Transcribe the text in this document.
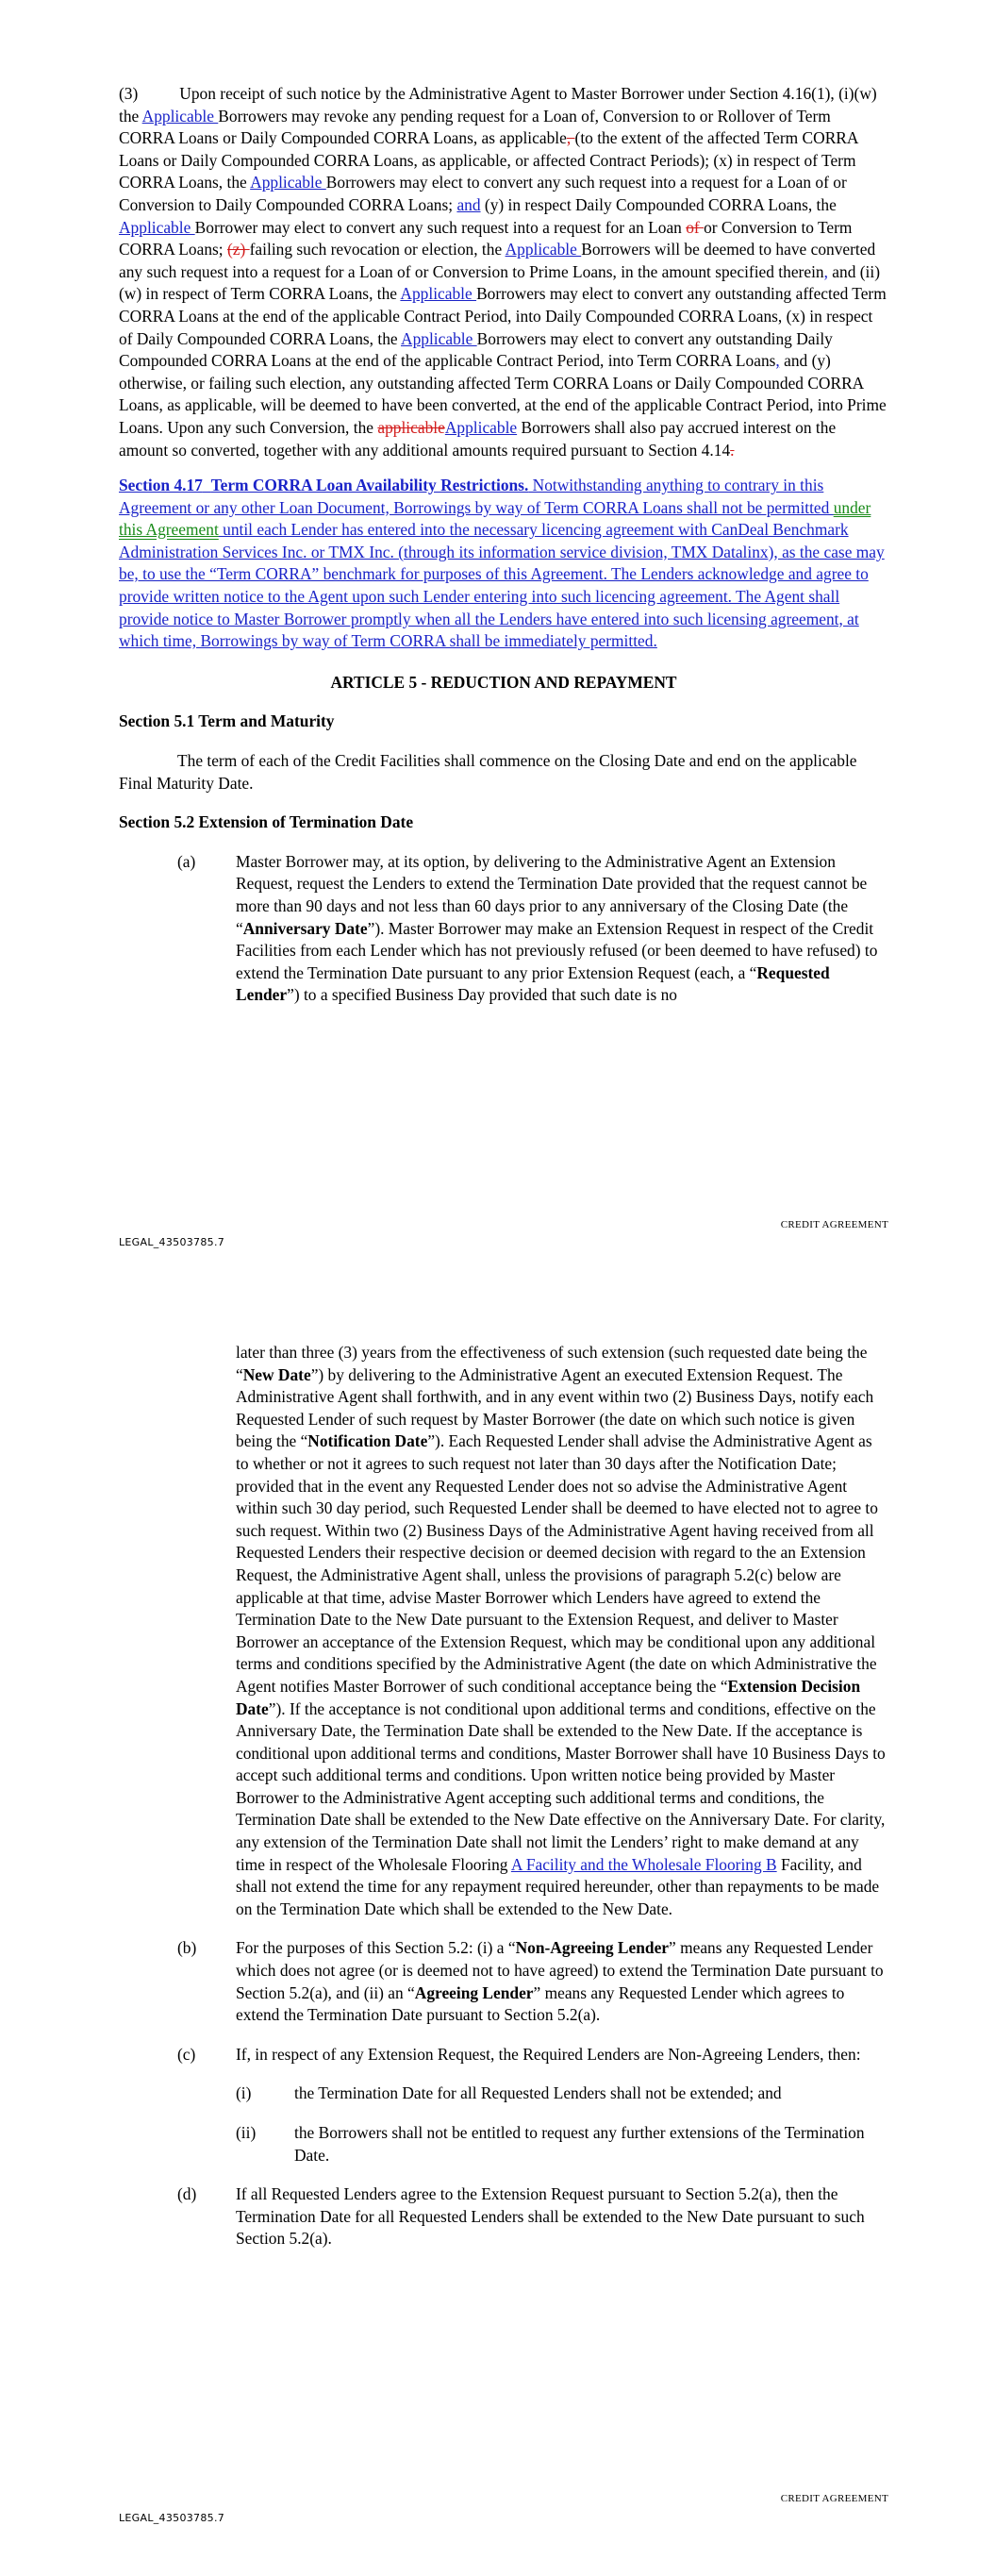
(3)	Upon receipt of such notice by the Administrative Agent to Master Borrower under Section 4.16(1), (i)(w) the Applicable Borrowers may revoke any pending request for a Loan of, Conversion to or Rollover of Term CORRA Loans or Daily Compounded CORRA Loans, as applicable, (to the extent of the affected Term CORRA Loans or Daily Compounded CORRA Loans, as applicable, or affected Contract Periods); (x) in respect of Term CORRA Loans, the Applicable Borrowers may elect to convert any such request into a request for a Loan of or Conversion to Daily Compounded CORRA Loans; and (y) in respect Daily Compounded CORRA Loans, the Applicable Borrower may elect to convert any such request into a request for an Loan of or Conversion to Term CORRA Loans; (z) failing such revocation or election, the Applicable Borrowers will be deemed to have converted any such request into a request for a Loan of or Conversion to Prime Loans, in the amount specified therein, and (ii) (w) in respect of Term CORRA Loans, the Applicable Borrowers may elect to convert any outstanding affected Term CORRA Loans at the end of the applicable Contract Period, into Daily Compounded CORRA Loans, (x) in respect of Daily Compounded CORRA Loans, the Applicable Borrowers may elect to convert any outstanding Daily Compounded CORRA Loans at the end of the applicable Contract Period, into Term CORRA Loans, and (y) otherwise, or failing such election, any outstanding affected Term CORRA Loans or Daily Compounded CORRA Loans, as applicable, will be deemed to have been converted, at the end of the applicable Contract Period, into Prime Loans. Upon any such Conversion, the applicableApplicable Borrowers shall also pay accrued interest on the amount so converted, together with any additional amounts required pursuant to Section 4.14.

Section 4.17 Term CORRA Loan Availability Restrictions. Notwithstanding anything to contrary in this Agreement or any other Loan Document, Borrowings by way of Term CORRA Loans shall not be permitted under this Agreement until each Lender has entered into the necessary licencing agreement with CanDeal Benchmark Administration Services Inc. or TMX Inc. (through its information service division, TMX Datalinx), as the case may be, to use the “Term CORRA” benchmark for purposes of this Agreement. The Lenders acknowledge and agree to provide written notice to the Agent upon such Lender entering into such licencing agreement. The Agent shall provide notice to Master Borrower promptly when all the Lenders have entered into such licensing agreement, at which time, Borrowings by way of Term CORRA shall be immediately permitted.

ARTICLE 5 - REDUCTION AND REPAYMENT
Section 5.1 Term and Maturity

The term of each of the Credit Facilities shall commence on the Closing Date and end on the applicable Final Maturity Date.

Section 5.2 Extension of Termination Date
(a)	Master Borrower may, at its option, by delivering to the Administrative Agent an Extension Request, request the Lenders to extend the Termination Date provided that the request cannot be more than 90 days and not less than 60 days prior to any anniversary of the Closing Date (the “Anniversary Date”). Master Borrower may make an Extension Request in respect of the Credit Facilities from each Lender which has not previously refused (or been deemed to have refused) to extend the Termination Date pursuant to any prior Extension Request (each, a “Requested Lender”) to a specified Business Day provided that such date is no
CREDIT AGREEMENT
LEGAL_43503785.7

later than three (3) years from the effectiveness of such extension (such requested date being the “New Date”) by delivering to the Administrative Agent an executed Extension Request. The Administrative Agent shall forthwith, and in any event within two (2) Business Days, notify each Requested Lender of such request by Master Borrower (the date on which such notice is given being the “Notification Date”). Each Requested Lender shall advise the Administrative Agent as to whether or not it agrees to such request not later than 30 days after the Notification Date; provided that in the event any Requested Lender does not so advise the Administrative Agent within such 30 day period, such Requested Lender shall be deemed to have elected not to agree to such request. Within two (2) Business Days of the Administrative Agent having received from all Requested Lenders their respective decision or deemed decision with regard to the an Extension Request, the Administrative Agent shall, unless the provisions of paragraph 5.2(c) below are applicable at that time, advise Master Borrower which Lenders have agreed to extend the Termination Date to the New Date pursuant to the Extension Request, and deliver to Master Borrower an acceptance of the Extension Request, which may be conditional upon any additional terms and conditions specified by the Administrative Agent (the date on which Administrative the Agent notifies Master Borrower of such conditional acceptance being the “Extension Decision Date”). If the acceptance is not conditional upon additional terms and conditions, effective on the Anniversary Date, the Termination Date shall be extended to the New Date. If the acceptance is conditional upon additional terms and conditions, Master Borrower shall have 10 Business Days to accept such additional terms and conditions. Upon written notice being provided by Master Borrower to the Administrative Agent accepting such additional terms and conditions, the Termination Date shall be extended to the New Date effective on the Anniversary Date. For clarity, any extension of the Termination Date shall not limit the Lenders’ right to make demand at any time in respect of the Wholesale Flooring A Facility and the Wholesale Flooring B Facility, and shall not extend the time for any repayment required hereunder, other than repayments to be made on the Termination Date which shall be extended to the New Date.

(b)	For the purposes of this Section 5.2: (i) a “Non-Agreeing Lender” means any Requested Lender which does not agree (or is deemed not to have agreed) to extend the Termination Date pursuant to Section 5.2(a), and (ii) an “Agreeing Lender” means any Requested Lender which agrees to extend the Termination Date pursuant to Section 5.2(a).
(c)	If, in respect of any Extension Request, the Required Lenders are Non-Agreeing Lenders, then:
(i)	the Termination Date for all Requested Lenders shall not be extended; and
(ii)	the Borrowers shall not be entitled to request any further extensions of the Termination Date.
(d)	If all Requested Lenders agree to the Extension Request pursuant to Section 5.2(a), then the Termination Date for all Requested Lenders shall be extended to the New Date pursuant to such Section 5.2(a).
CREDIT AGREEMENT
LEGAL_43503785.7
